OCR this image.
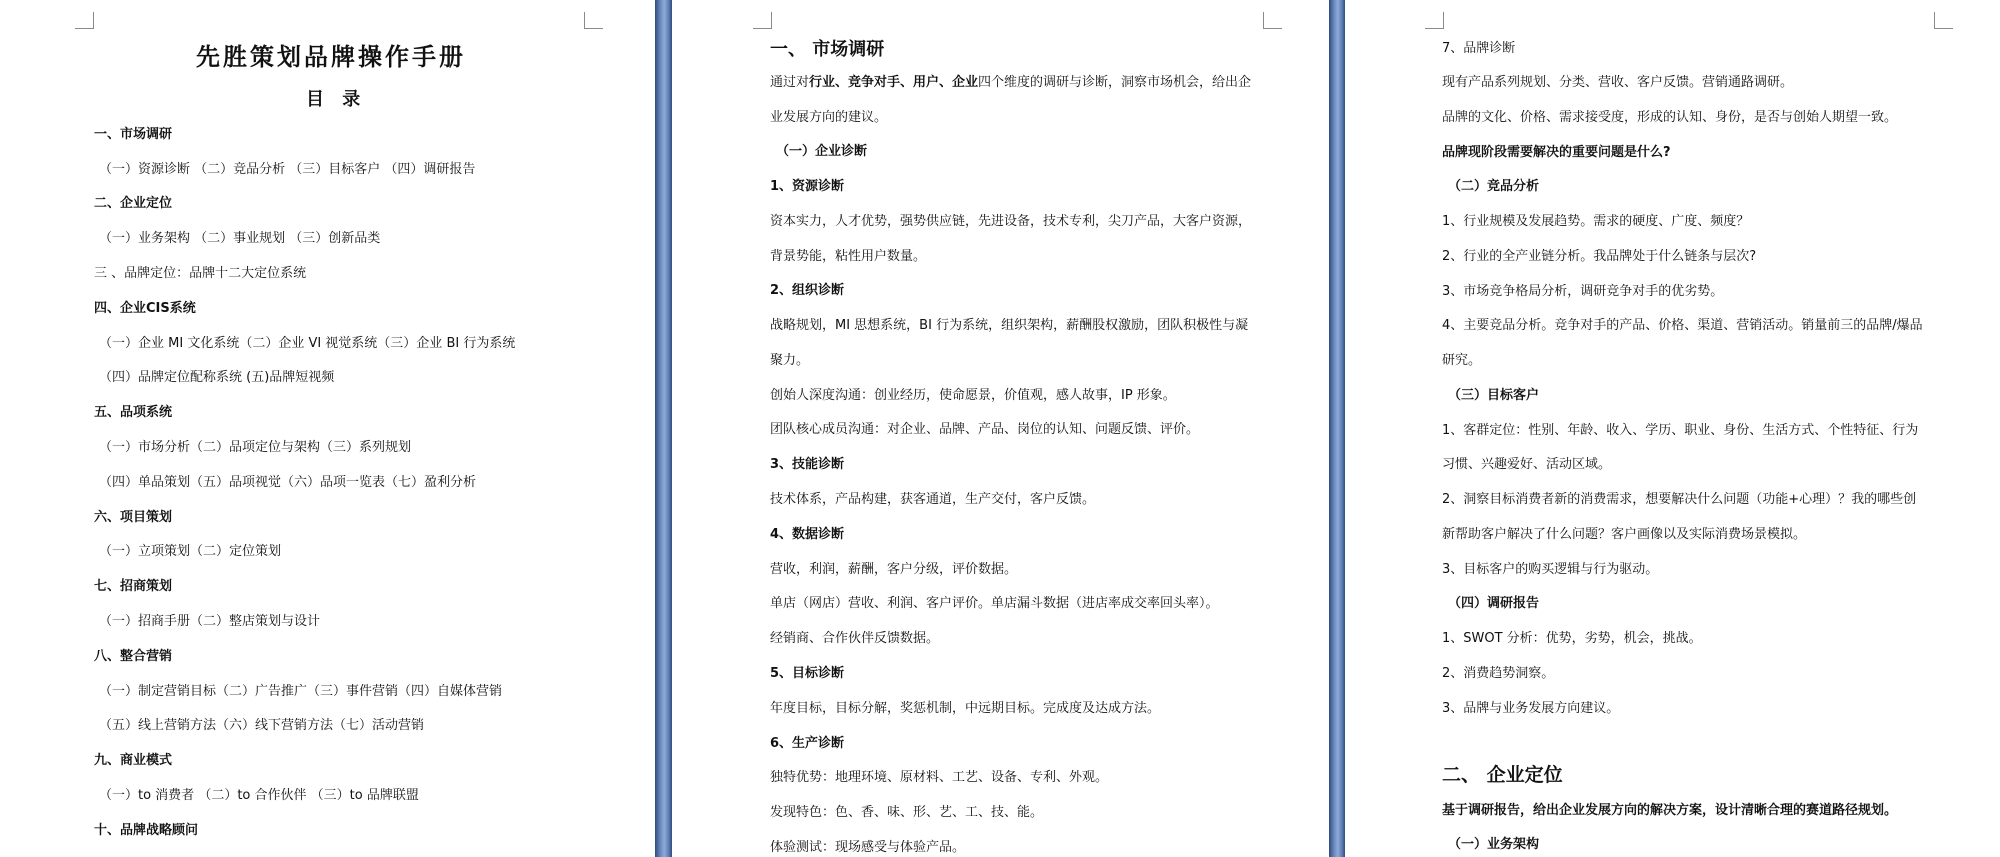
先胜策划品牌操作手册
目 录
一、市场调研
（一）资源诊断 （二）竞品分析 （三）目标客户 （四）调研报告
二、企业定位
（一）业务架构 （二）事业规划 （三）创新品类
三 、品牌定位：品牌十二大定位系统
四、企业CIS系统
（一）企业 MI 文化系统（二）企业 VI 视觉系统（三）企业 BI 行为系统
（四）品牌定位配称系统 (五)品牌短视频
五、品项系统
（一）市场分析（二）品项定位与架构（三）系列规划
（四）单品策划（五）品项视觉（六）品项一览表（七）盈利分析
六、项目策划
（一）立项策划（二）定位策划
七、招商策划
（一）招商手册（二）整店策划与设计
八、整合营销
（一）制定营销目标（二）广告推广（三）事件营销（四）自媒体营销
（五）线上营销方法（六）线下营销方法（七）活动营销
九、商业模式
（一）to 消费者 （二）to 合作伙伴 （三）to 品牌联盟
十、品牌战略顾问
一、 市场调研
通过对行业、竞争对手、用户、企业四个维度的调研与诊断，洞察市场机会，给出企
业发展方向的建议。
（一）企业诊断
1、资源诊断
资本实力，人才优势，强势供应链，先进设备，技术专利，尖刀产品，大客户资源，
背景势能，粘性用户数量。
2、组织诊断
战略规划，MI 思想系统，BI 行为系统，组织架构，薪酬股权激励，团队积极性与凝
聚力。
创始人深度沟通：创业经历，使命愿景，价值观，感人故事，IP 形象。
团队核心成员沟通：对企业、品牌、产品、岗位的认知、问题反馈、评价。
3、技能诊断
技术体系，产品构建，获客通道，生产交付，客户反馈。
4、数据诊断
营收，利润，薪酬，客户分级，评价数据。
单店（网店）营收、利润、客户评价。单店漏斗数据（进店率成交率回头率）。
经销商、合作伙伴反馈数据。
5、目标诊断
年度目标，目标分解，奖惩机制，中远期目标。完成度及达成方法。
6、生产诊断
独特优势：地理环境、原材料、工艺、设备、专利、外观。
发现特色：色、香、味、形、艺、工、技、能。
体验测试：现场感受与体验产品。
7、品牌诊断
现有产品系列规划、分类、营收、客户反馈。营销通路调研。
品牌的文化、价格、需求接受度，形成的认知、身份，是否与创始人期望一致。
品牌现阶段需要解决的重要问题是什么?
（二）竞品分析
1、行业规模及发展趋势。需求的硬度、广度、频度？
2、行业的全产业链分析。我品牌处于什么链条与层次?
3、市场竞争格局分析，调研竞争对手的优劣势。
4、主要竞品分析。竞争对手的产品、价格、渠道、营销活动。销量前三的品牌/爆品
研究。
（三）目标客户
1、客群定位：性别、年龄、收入、学历、职业、身份、生活方式、个性特征、行为
习惯、兴趣爱好、活动区域。
2、洞察目标消费者新的消费需求，想要解决什么问题（功能+心理）？我的哪些创
新帮助客户解决了什么问题？客户画像以及实际消费场景模拟。
3、目标客户的购买逻辑与行为驱动。
（四）调研报告
1、SWOT 分析：优势，劣势，机会，挑战。
2、消费趋势洞察。
3、品牌与业务发展方向建议。
二、 企业定位
基于调研报告，给出企业发展方向的解决方案，设计清晰合理的赛道路径规划。
（一）业务架构
